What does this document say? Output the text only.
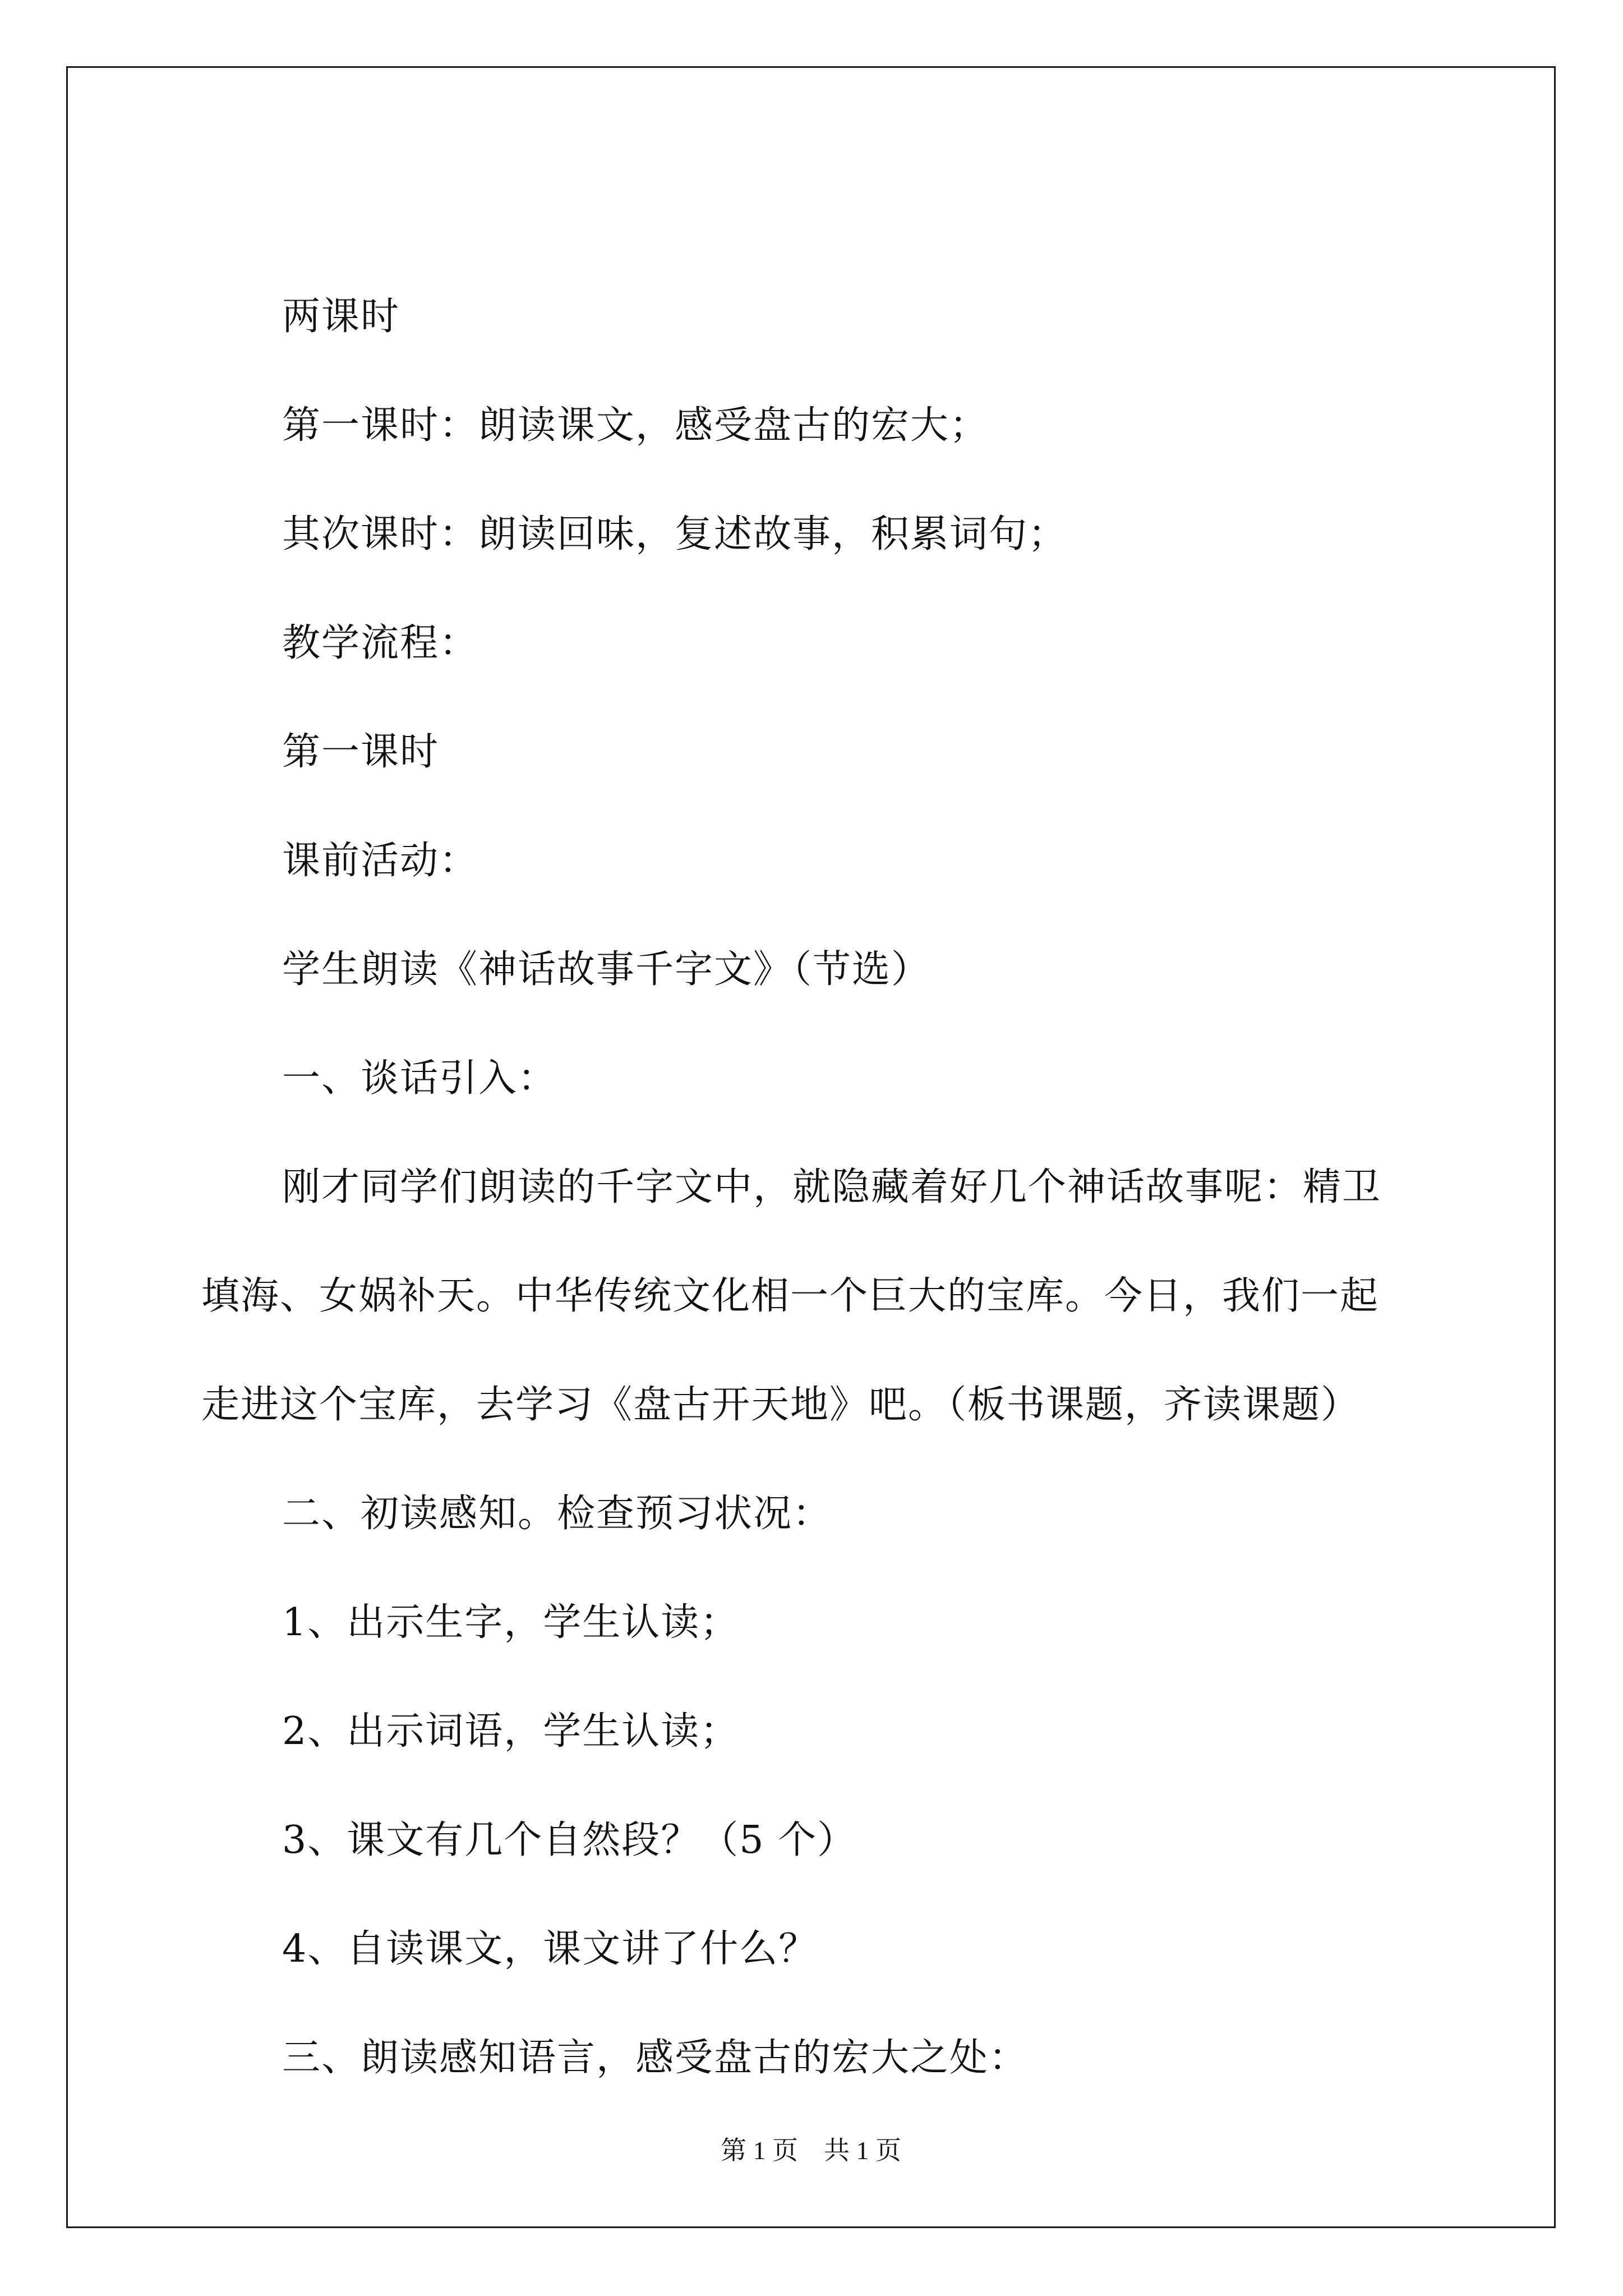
两课时
第一课时：朗读课文，感受盘古的宏大；
其次课时：朗读回味，复述故事，积累词句；
教学流程：
第一课时
课前活动：
学生朗读《神话故事千字文》（节选）
一、谈话引入：
刚才同学们朗读的千字文中，就隐藏着好几个神话故事呢：精卫
填海、女娲补天。中华传统文化相一个巨大的宝库。今日，我们一起
走进这个宝库，去学习《盘古开天地》吧。（板书课题，齐读课题）
二、初读感知。检查预习状况：
1、出示生字，学生认读；
2、出示词语，学生认读；
3、课文有几个自然段？（5 个）
4、自读课文，课文讲了什么？
三、朗读感知语言，感受盘古的宏大之处：
第 1 页　共 1 页
